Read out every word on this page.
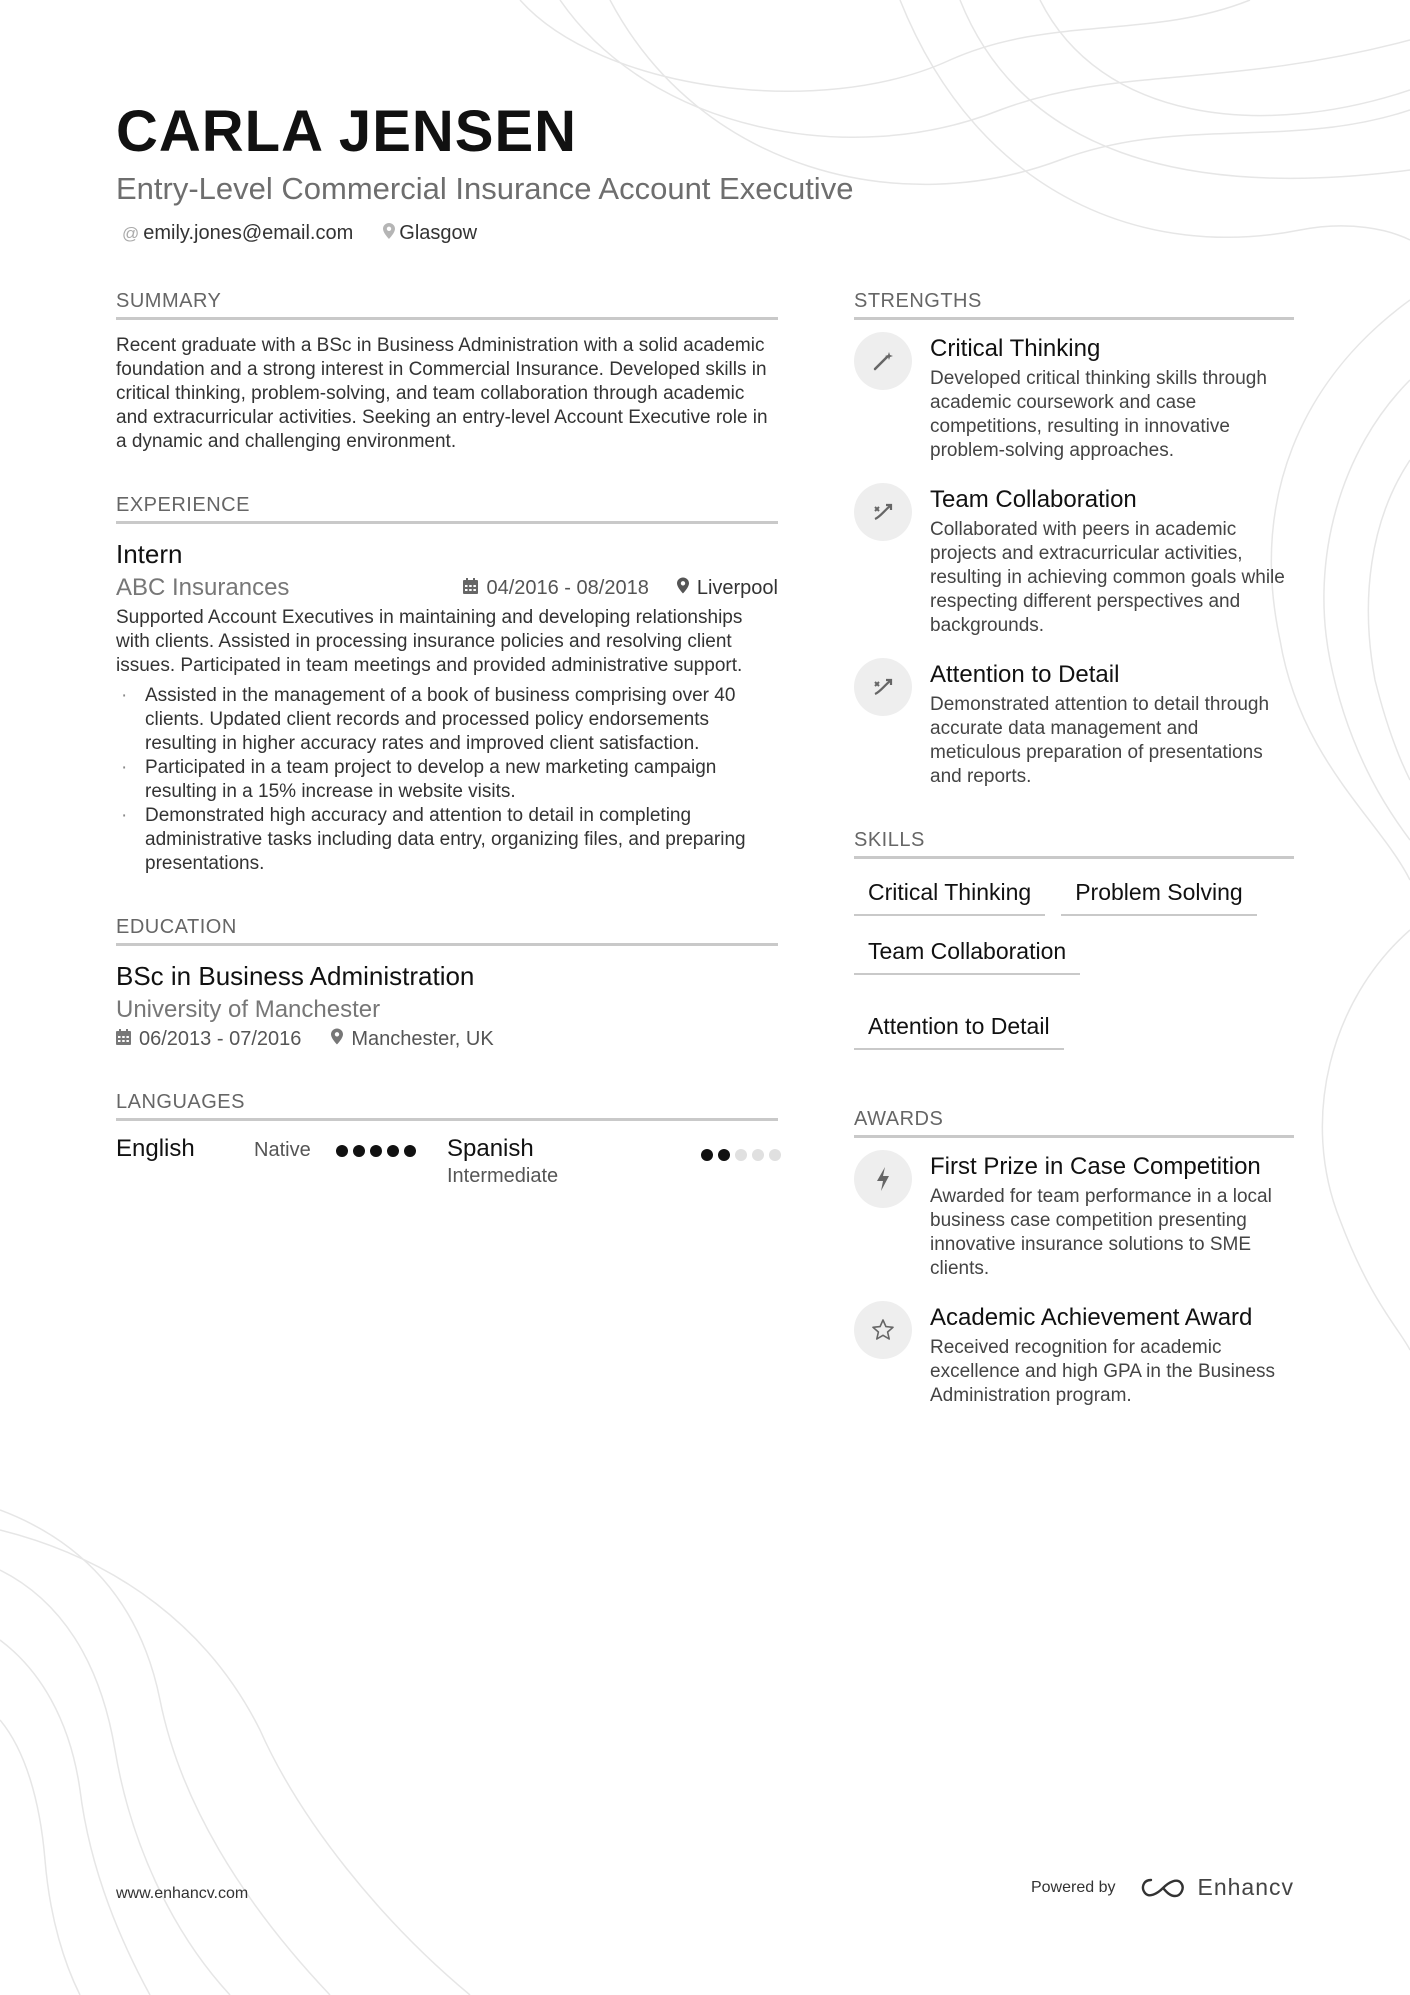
CARLA JENSEN
Entry-Level Commercial Insurance Account Executive
@ emily.jones@email.com Glasgow
SUMMARY

Recent graduate with a BSc in Business Administration with a solid academic foundation and a strong interest in Commercial Insurance. Developed skills in critical thinking, problem-solving, and team collaboration through academic and extracurricular activities. Seeking an entry-level Account Executive role in a dynamic and challenging environment.

EXPERIENCE
Intern
ABC Insurances	04/2016 - 08/2018 Liverpool

Supported Account Executives in maintaining and developing relationships with clients. Assisted in processing insurance policies and resolving client issues. Participated in team meetings and provided administrative support.

· Assisted in the management of a book of business comprising over 40 clients. Updated client records and processed policy endorsements resulting in higher accuracy rates and improved client satisfaction.
· Participated in a team project to develop a new marketing campaign resulting in a 15% increase in website visits.
· Demonstrated high accuracy and attention to detail in completing administrative tasks including data entry, organizing files, and preparing presentations.
EDUCATION
BSc in Business Administration
University of Manchester
06/2013 - 07/2016	Manchester, UK
LANGUAGES
English	Native	Spanish
Intermediate
STRENGTHS
Critical Thinking
Developed critical thinking skills through academic coursework and case competitions, resulting in innovative problem-solving approaches.
Team Collaboration
Collaborated with peers in academic projects and extracurricular activities, resulting in achieving common goals while respecting different perspectives and backgrounds.
Attention to Detail
Demonstrated attention to detail through accurate data management and meticulous preparation of presentations and reports.
SKILLS
Critical Thinking	Problem Solving
Team Collaboration
Attention to Detail
AWARDS
First Prize in Case Competition
Awarded for team performance in a local business case competition presenting innovative insurance solutions to SME clients.
Academic Achievement Award
Received recognition for academic excellence and high GPA in the Business Administration program.
www.enhancv.com	Powered by	Enhancv
